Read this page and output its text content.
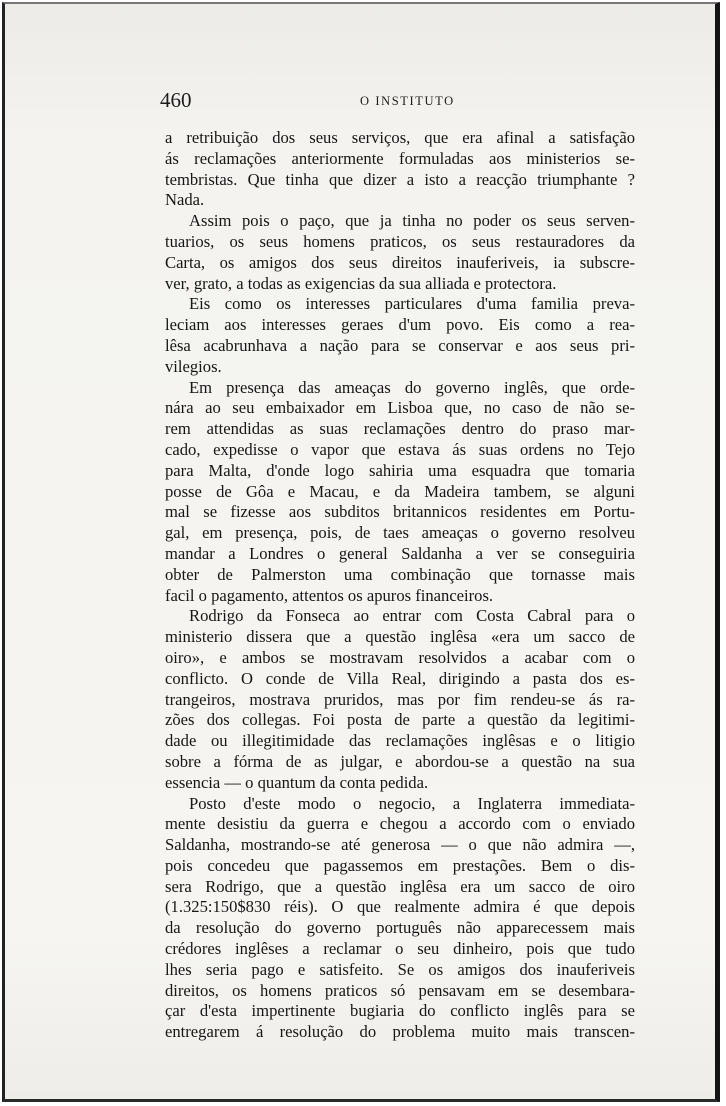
460	O INSTITUTO
a retribuição dos seus serviços, que era afinal a satisfação
ás reclamações anteriormente formuladas aos ministerios se-
tembristas. Que tinha que dizer a isto a reacção triumphante ?
Nada.
Assim pois o paço, que ja tinha no poder os seus serven-
tuarios, os seus homens praticos, os seus restauradores da
Carta, os amigos dos seus direitos inauferiveis, ia subscre-
ver, grato, a todas as exigencias da sua alliada e protectora.
Eis como os interesses particulares d'uma familia preva-
leciam aos interesses geraes d'um povo. Eis como a rea-
lêsa acabrunhava a nação para se conservar e aos seus pri-
vilegios.
Em presença das ameaças do governo inglês, que orde-
nára ao seu embaixador em Lisboa que, no caso de não se-
rem attendidas as suas reclamações dentro do praso mar-
cado, expedisse o vapor que estava ás suas ordens no Tejo
para Malta, d'onde logo sahiria uma esquadra que tomaria
posse de Gôa e Macau, e da Madeira tambem, se alguni
mal se fizesse aos subditos britannicos residentes em Portu-
gal, em presença, pois, de taes ameaças o governo resolveu
mandar a Londres o general Saldanha a ver se conseguiria
obter de Palmerston uma combinação que tornasse mais
facil o pagamento, attentos os apuros financeiros.
Rodrigo da Fonseca ao entrar com Costa Cabral para o
ministerio dissera que a questão inglêsa «era um sacco de
oiro», e ambos se mostravam resolvidos a acabar com o
conflicto. O conde de Villa Real, dirigindo a pasta dos es-
trangeiros, mostrava pruridos, mas por fim rendeu-se ás ra-
zões dos collegas. Foi posta de parte a questão da legitimi-
dade ou illegitimidade das reclamações inglêsas e o litigio
sobre a fórma de as julgar, e abordou-se a questão na sua
essencia — o quantum da conta pedida.
Posto d'este modo o negocio, a Inglaterra immediata-
mente desistiu da guerra e chegou a accordo com o enviado
Saldanha, mostrando-se até generosa — o que não admira —,
pois concedeu que pagassemos em prestações. Bem o dis-
sera Rodrigo, que a questão inglêsa era um sacco de oiro
(1.325:150$830 réis). O que realmente admira é que depois
da resolução do governo português não apparecessem mais
crédores inglêses a reclamar o seu dinheiro, pois que tudo
lhes seria pago e satisfeito. Se os amigos dos inauferiveis
direitos, os homens praticos só pensavam em se desembara-
çar d'esta impertinente bugiaria do conflicto inglês para se
entregarem á resolução do problema muito mais transcen-
